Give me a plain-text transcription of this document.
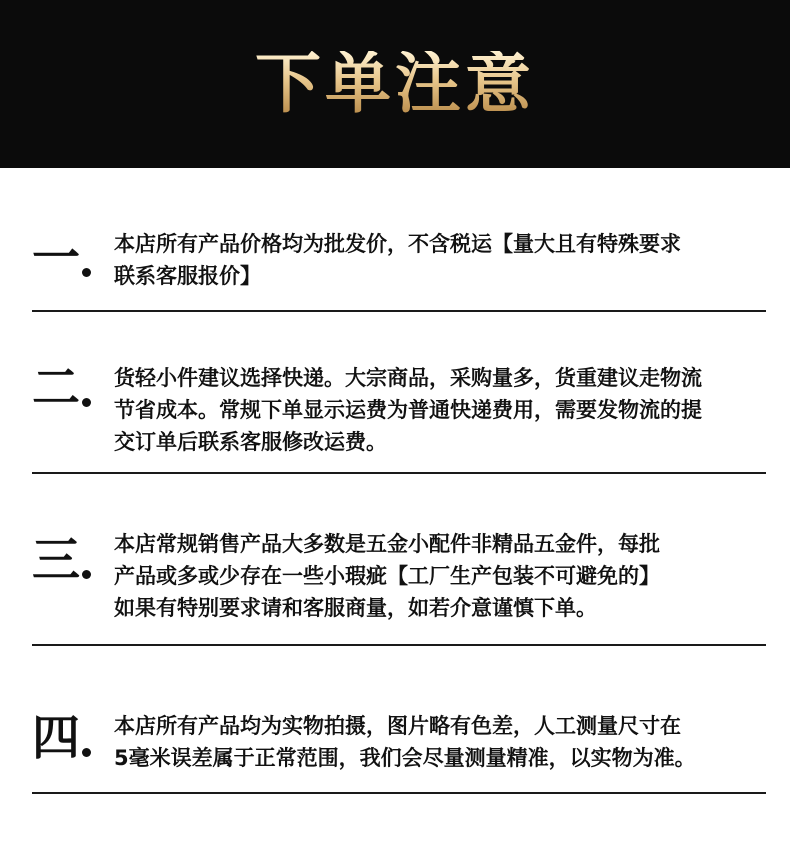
下单注意
一 本店所有产品价格均为批发价，不含税运【量大且有特殊要求
联系客服报价】
二 货轻小件建议选择快递。大宗商品，采购量多，货重建议走物流
节省成本。常规下单显示运费为普通快递费用，需要发物流的提
交订单后联系客服修改运费。
三 本店常规销售产品大多数是五金小配件非精品五金件，每批
产品或多或少存在一些小瑕疵【工厂生产包装不可避免的】
如果有特别要求请和客服商量，如若介意谨慎下单。
四 本店所有产品均为实物拍摄，图片略有色差，人工测量尺寸在
5毫米误差属于正常范围，我们会尽量测量精准，以实物为准。
